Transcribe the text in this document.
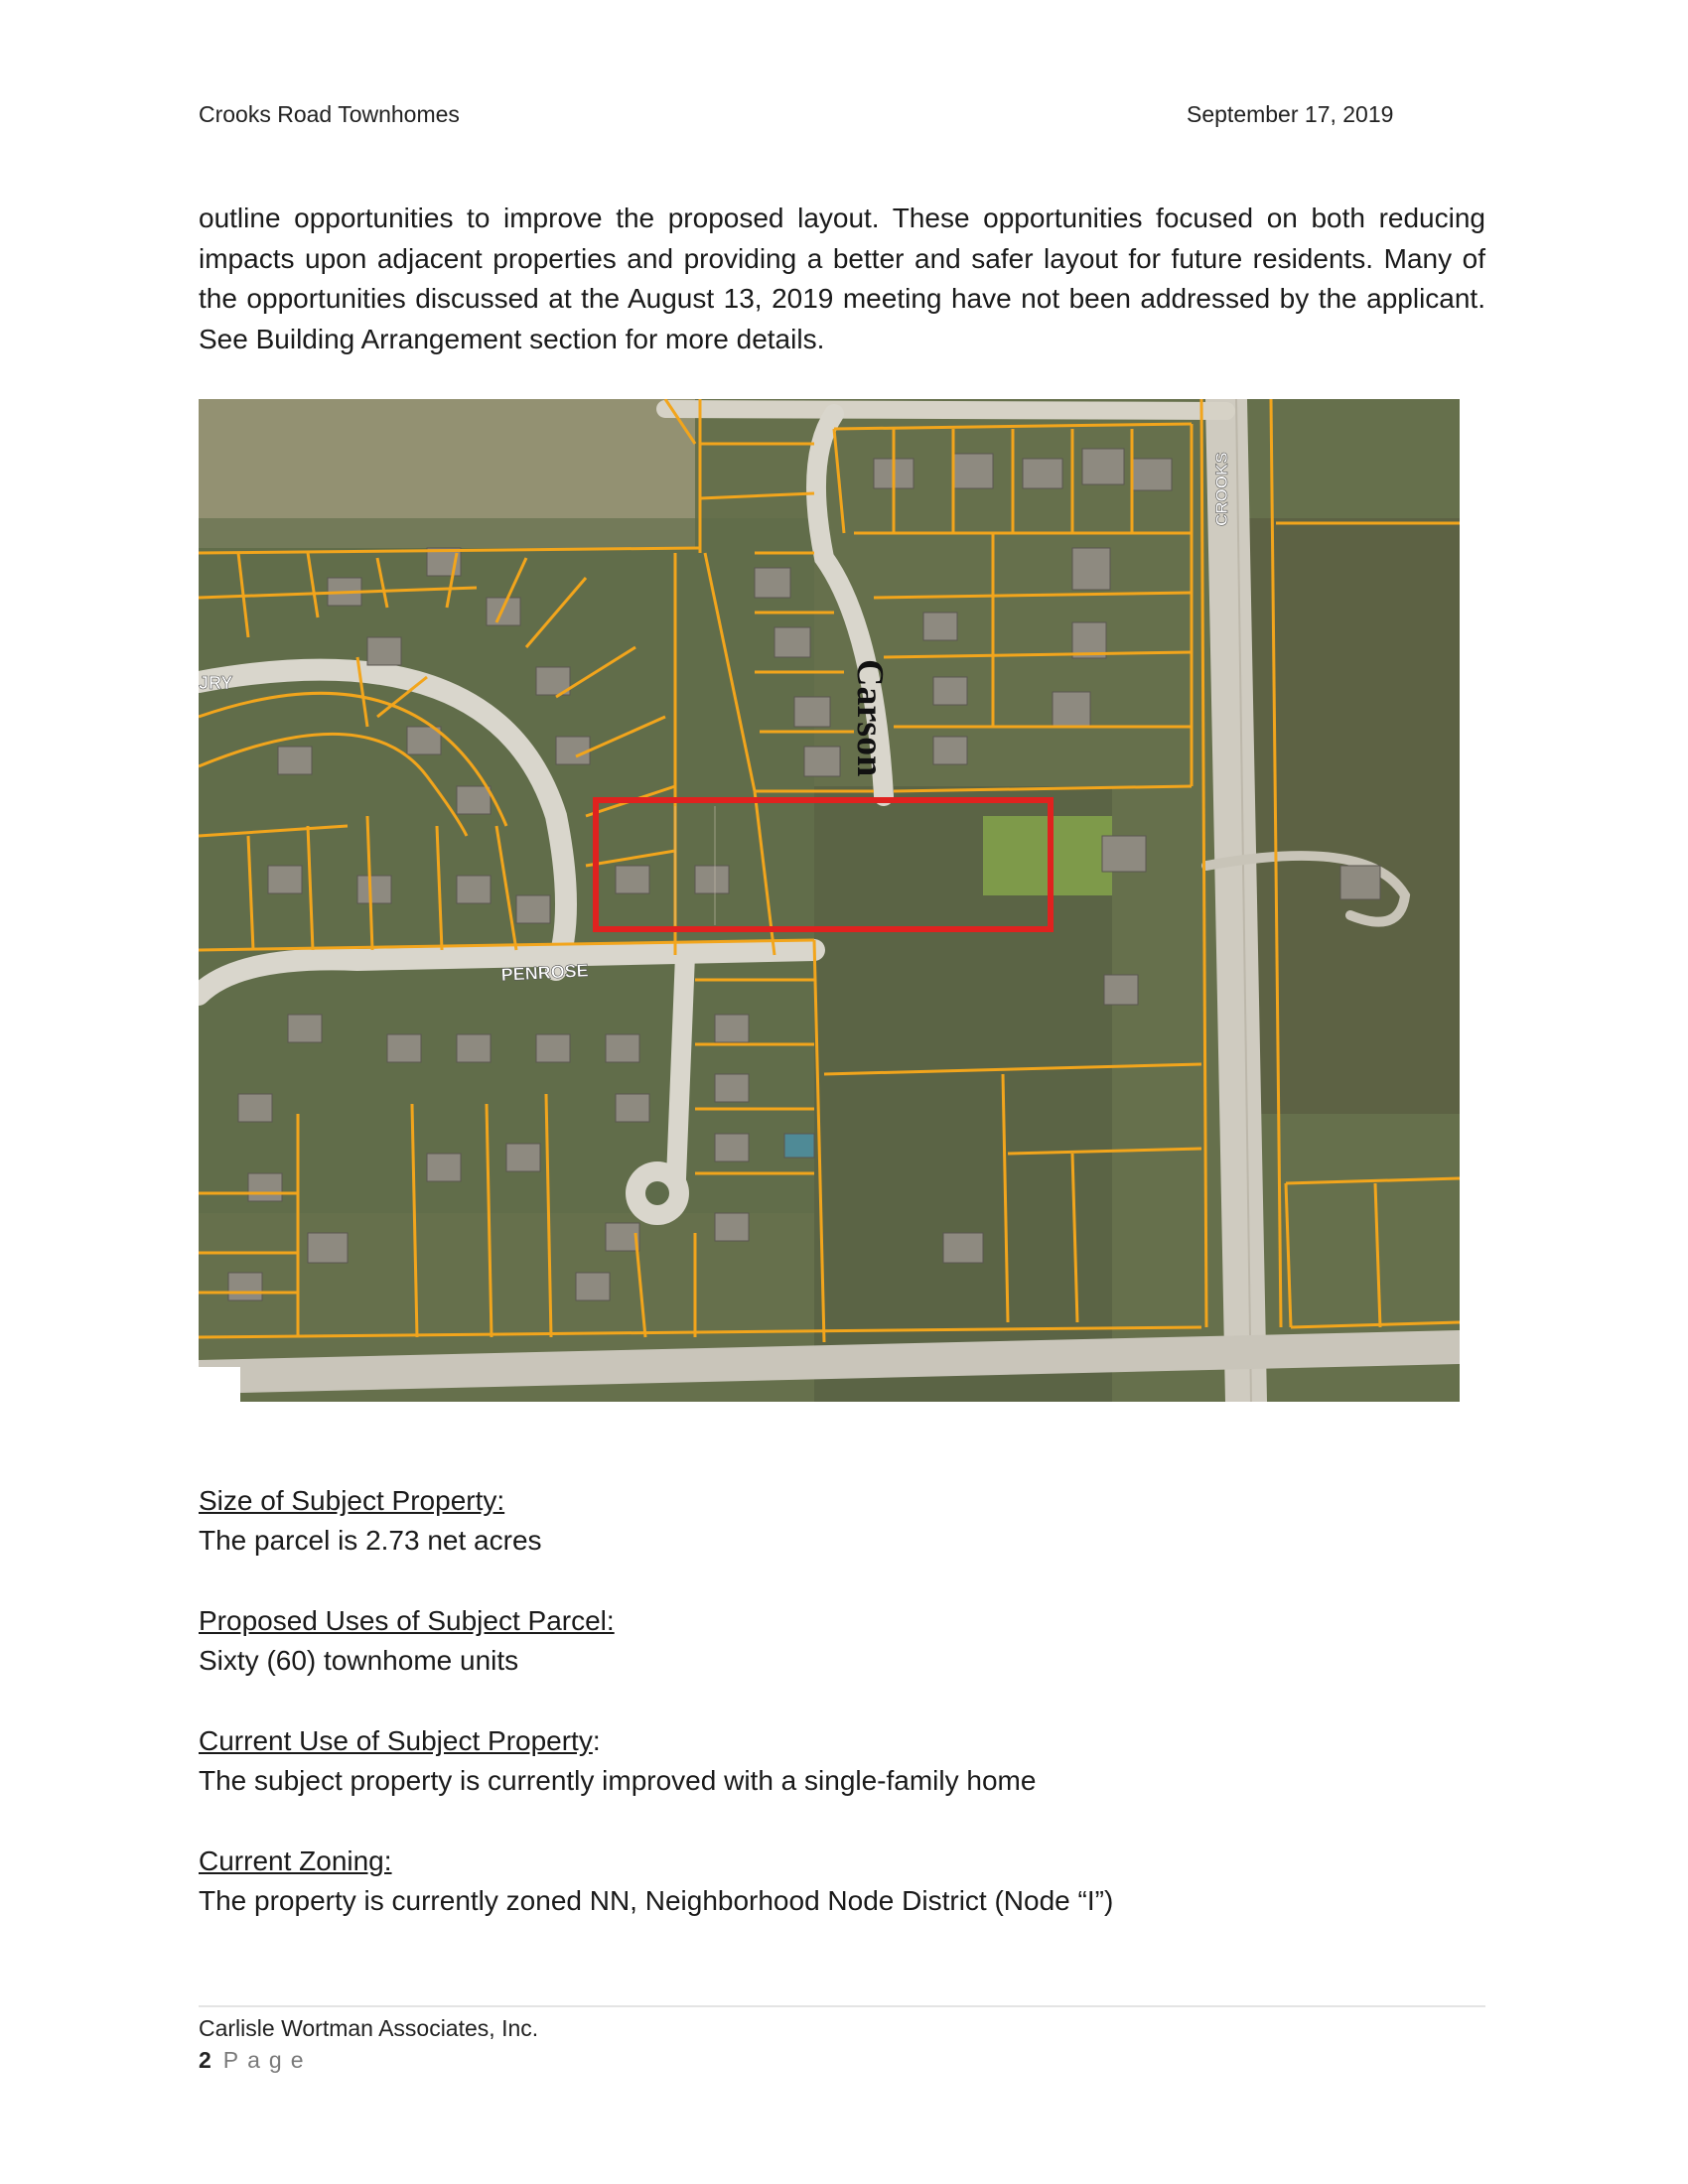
Crooks Road Townhomes	September 17, 2019

outline opportunities to improve the proposed layout. These opportunities focused on both reducing impacts upon adjacent properties and providing a better and safer layout for future residents. Many of the opportunities discussed at the August 13, 2019 meeting have not been addressed by the applicant. See Building Arrangement section for more details.

CROOKS
Carson
PENROSE
JRY
Size of Subject Property:
The parcel is 2.73 net acres
Proposed Uses of Subject Parcel:
Sixty (60) townhome units
Current Use of Subject Property:
The subject property is currently improved with a single-family home
Current Zoning:
The property is currently zoned NN, Neighborhood Node District (Node “I”)
Carlisle Wortman Associates, Inc.
2 Page
